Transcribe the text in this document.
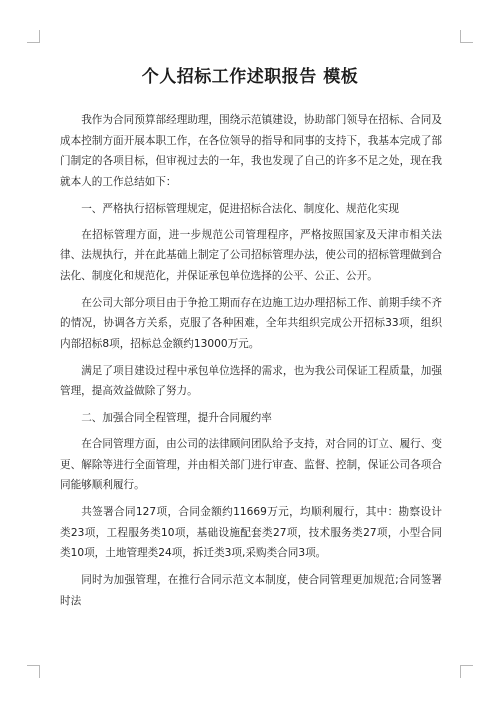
个人招标工作述职报告 模板

我作为合同预算部经理助理，围绕示范镇建设，协助部门领导在招标、合同及成本控制方面开展本职工作，在各位领导的指导和同事的支持下，我基本完成了部门制定的各项目标，但审视过去的一年，我也发现了自己的许多不足之处，现在我就本人的工作总结如下：

一、严格执行招标管理规定，促进招标合法化、制度化、规范化实现

在招标管理方面，进一步规范公司管理程序，严格按照国家及天津市相关法律、法规执行，并在此基础上制定了公司招标管理办法，使公司的招标管理做到合法化、制度化和规范化，并保证承包单位选择的公平、公正、公开。

在公司大部分项目由于争抢工期而存在边施工边办理招标工作、前期手续不齐的情况，协调各方关系，克服了各种困难，全年共组织完成公开招标33项，组织内部招标8项，招标总金额约13000万元。

满足了项目建设过程中承包单位选择的需求，也为我公司保证工程质量，加强管理，提高效益做除了努力。

二、加强合同全程管理，提升合同履约率

在合同管理方面，由公司的法律顾问团队给予支持，对合同的订立、履行、变更、解除等进行全面管理，并由相关部门进行审查、监督、控制，保证公司各项合同能够顺利履行。

共签署合同127项，合同金额约11669万元，均顺利履行，其中：勘察设计类23项，工程服务类10项，基础设施配套类27项，技术服务类27项，小型合同类10项，土地管理类24项，拆迁类3项,采购类合同3项。

同时为加强管理，在推行合同示范文本制度，使合同管理更加规范;合同签署时法
